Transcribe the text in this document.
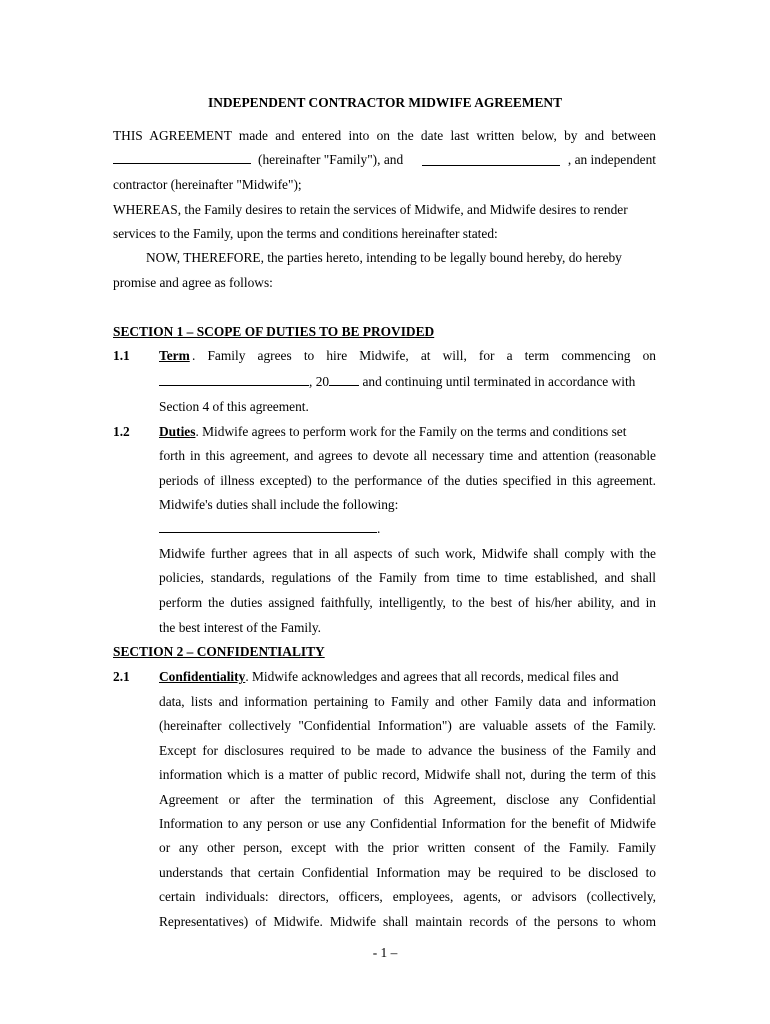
INDEPENDENT CONTRACTOR MIDWIFE AGREEMENT
THIS AGREEMENT made and entered into on the date last written below, by and between
(hereinafter "Family"), and	, an independent
contractor (hereinafter "Midwife");
WHEREAS, the Family desires to retain the services of Midwife, and Midwife desires to render
services to the Family, upon the terms and conditions hereinafter stated:
NOW, THEREFORE, the parties hereto, intending to be legally bound hereby, do hereby
promise and agree as follows:
SECTION 1 – SCOPE OF DUTIES TO BE PROVIDED
1.1 Term . Family agrees to hire Midwife, at will, for a term commencing on
, 20 and continuing until terminated in accordance with
Section 4 of this agreement.
1.2 Duties. Midwife agrees to perform work for the Family on the terms and conditions set
forth in this agreement, and agrees to devote all necessary time and attention (reasonable
periods of illness excepted) to the performance of the duties specified in this agreement.
Midwife's duties shall include the following:
.
Midwife further agrees that in all aspects of such work, Midwife shall comply with the
policies, standards, regulations of the Family from time to time established, and shall
perform the duties assigned faithfully, intelligently, to the best of his/her ability, and in
the best interest of the Family.
SECTION 2 – CONFIDENTIALITY
2.1 Confidentiality. Midwife acknowledges and agrees that all records, medical files and
data, lists and information pertaining to Family and other Family data and information
(hereinafter collectively "Confidential Information") are valuable assets of the Family.
Except for disclosures required to be made to advance the business of the Family and
information which is a matter of public record, Midwife shall not, during the term of this
Agreement or after the termination of this Agreement, disclose any Confidential
Information to any person or use any Confidential Information for the benefit of Midwife
or any other person, except with the prior written consent of the Family. Family
understands that certain Confidential Information may be required to be disclosed to
certain individuals: directors, officers, employees, agents, or advisors (collectively,
Representatives) of Midwife. Midwife shall maintain records of the persons to whom
- 1 –
